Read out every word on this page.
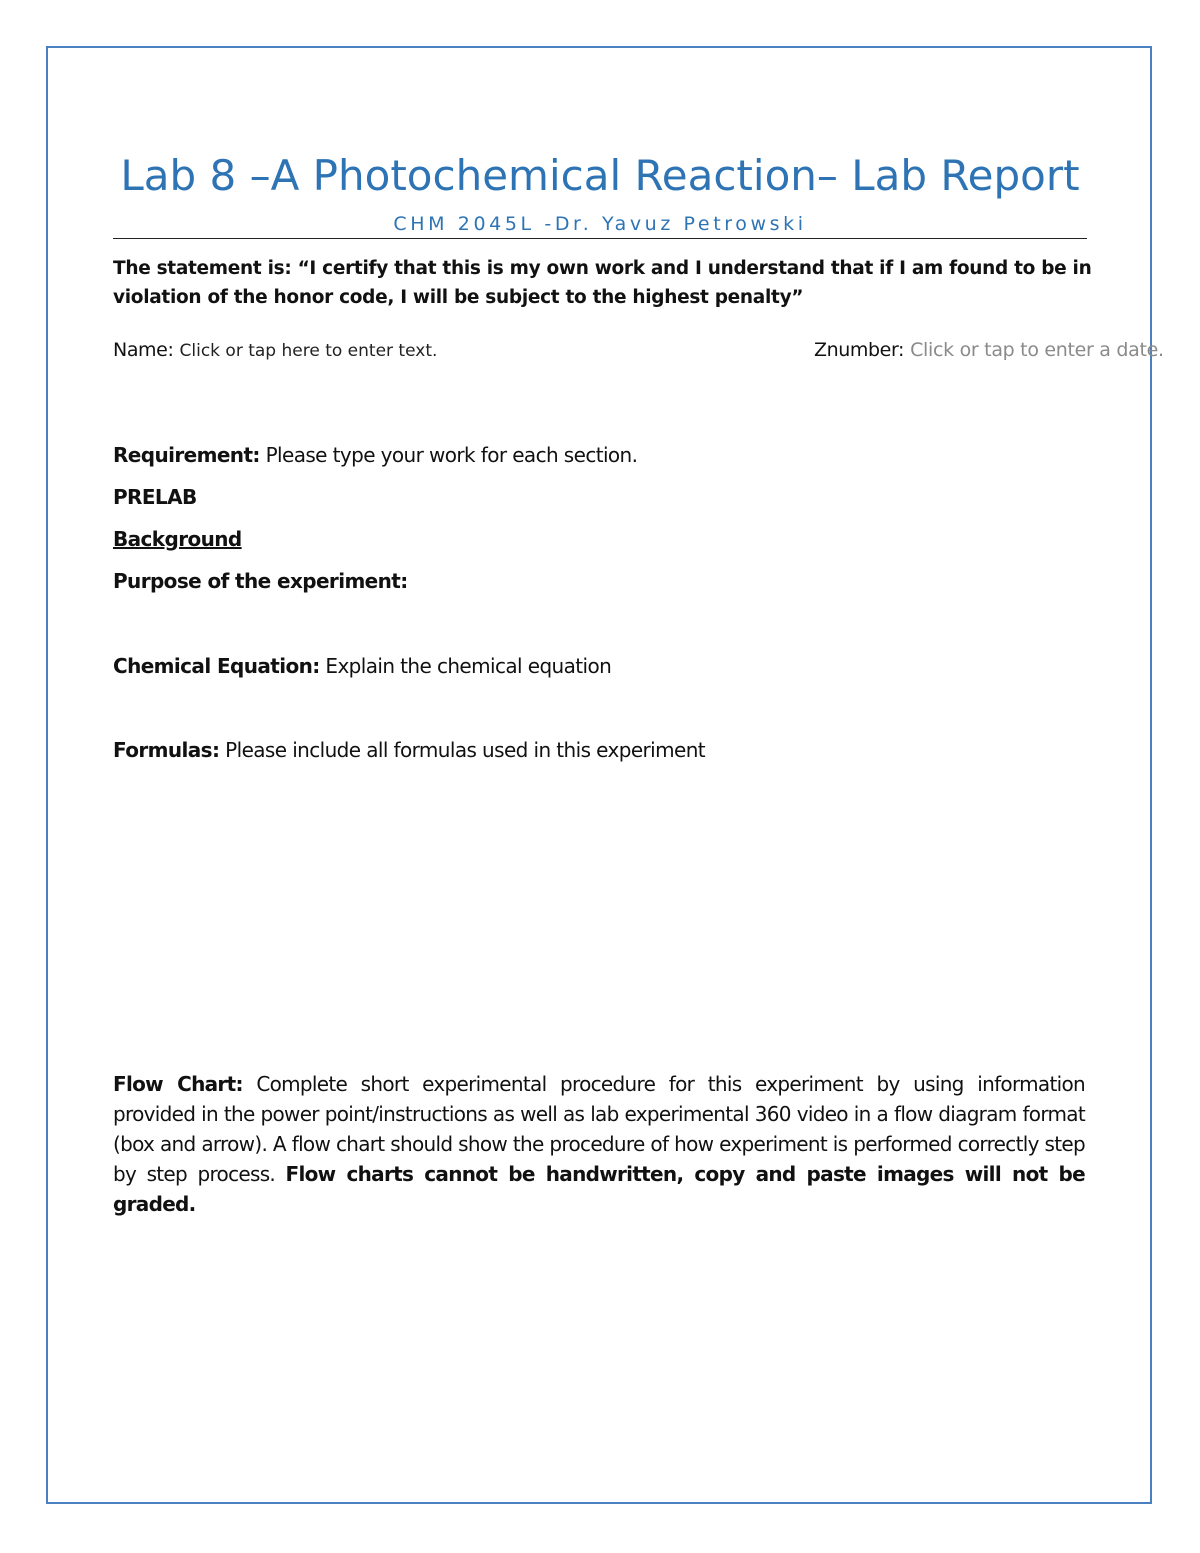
Lab 8 –A Photochemical Reaction– Lab Report
CHM 2045L -Dr. Yavuz Petrowski
The statement is: “I certify that this is my own work and I understand that if I am found to be in violation of the honor code, I will be subject to the highest penalty”
Name: Click or tap here to enter text.	Znumber: Click or tap to enter a date.
Requirement: Please type your work for each section.
PRELAB
Background
Purpose of the experiment:
Chemical Equation: Explain the chemical equation
Formulas: Please include all formulas used in this experiment
Flow Chart: Complete short experimental procedure for this experiment by using information provided in the power point/instructions as well as lab experimental 360 video in a flow diagram format (box and arrow). A flow chart should show the procedure of how experiment is performed correctly step by step process. Flow charts cannot be handwritten, copy and paste images will not be graded.
